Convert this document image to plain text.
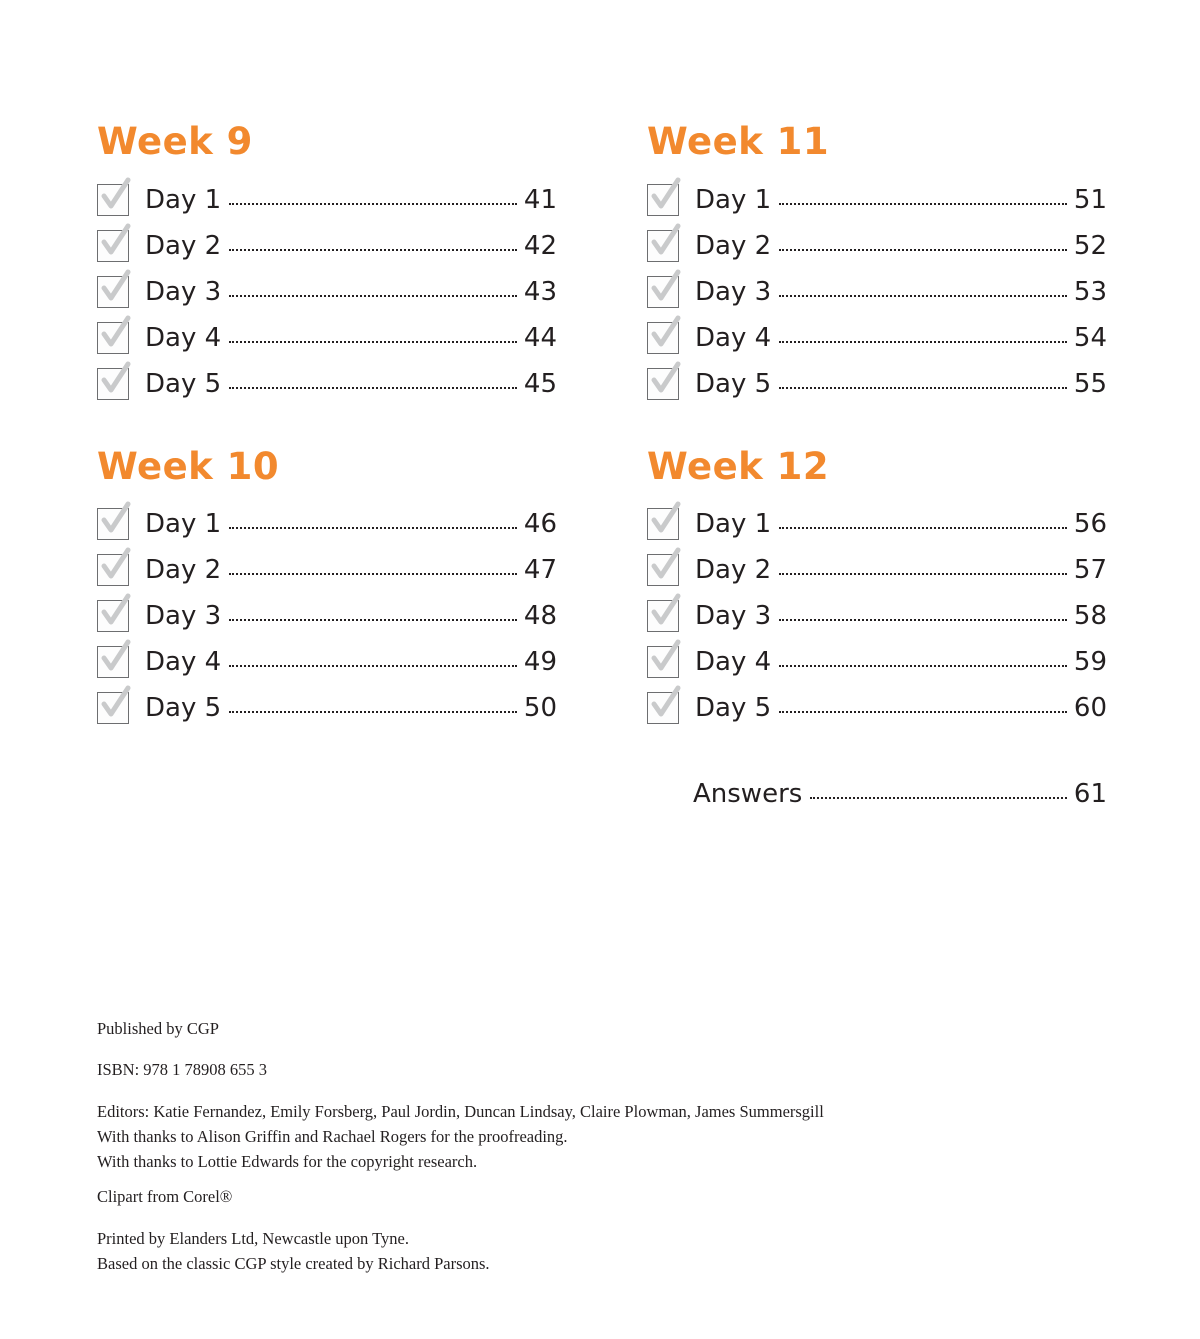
Week 9
Day 1	41
Day 2	42
Day 3	43
Day 4	44
Day 5	45
Week 10
Day 1	46
Day 2	47
Day 3	48
Day 4	49
Day 5	50
Week 11
Day 1	51
Day 2	52
Day 3	53
Day 4	54
Day 5	55
Week 12
Day 1	56
Day 2	57
Day 3	58
Day 4	59
Day 5	60
Answers	61

Published by CGP

ISBN: 978 1 78908 655 3

Editors: Katie Fernandez, Emily Forsberg, Paul Jordin, Duncan Lindsay, Claire Plowman, James Summersgill

With thanks to Alison Griffin and Rachael Rogers for the proofreading.

With thanks to Lottie Edwards for the copyright research.

Clipart from Corel®

Printed by Elanders Ltd, Newcastle upon Tyne.

Based on the classic CGP style created by Richard Parsons.
